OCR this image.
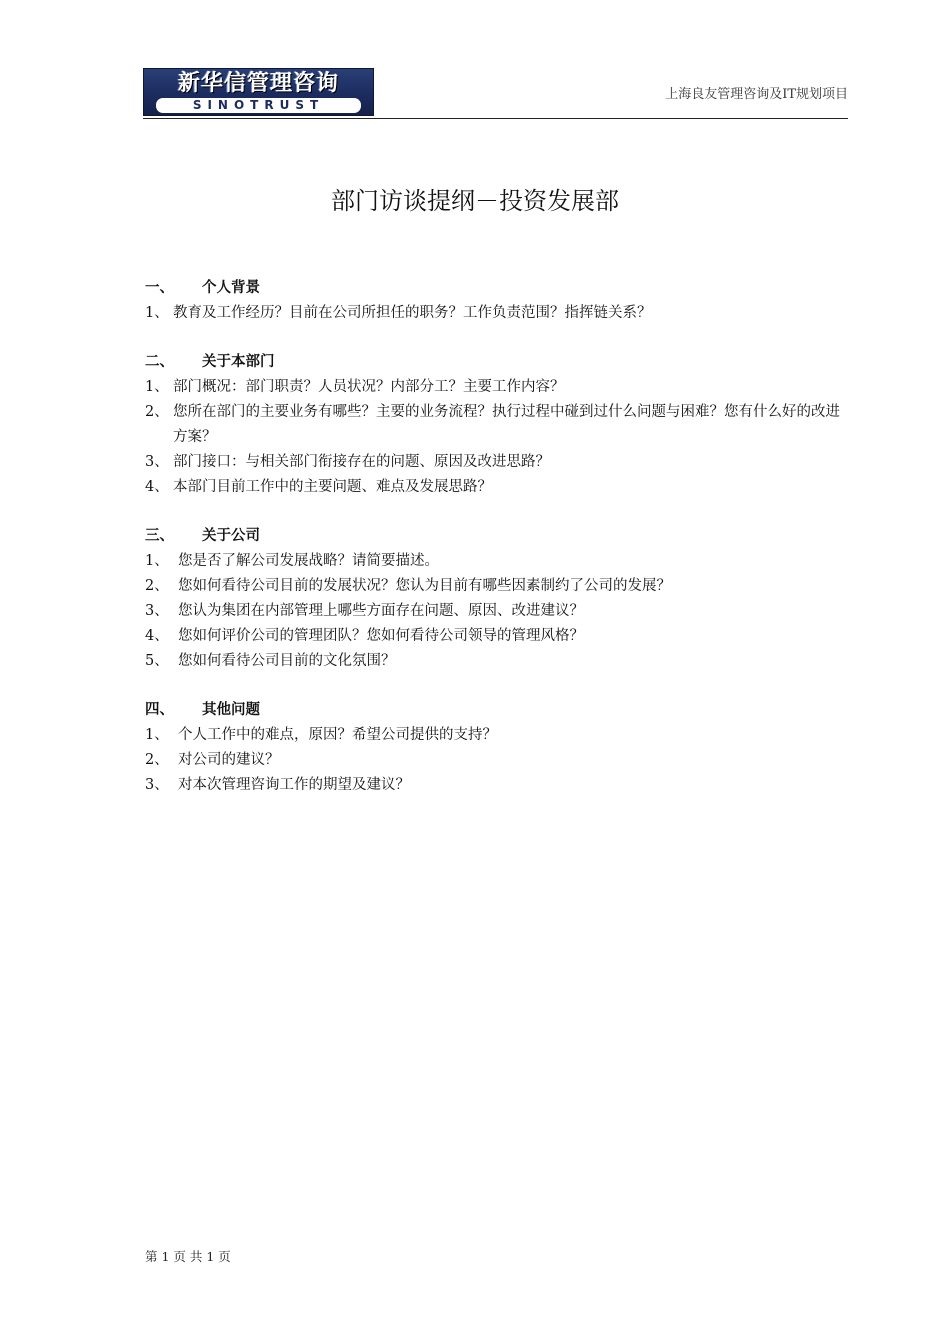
新华信管理咨询
SINOTRUST
上海良友管理咨询及IT规划项目
部门访谈提纲－投资发展部
一、 个人背景
1、 教育及工作经历？目前在公司所担任的职务？工作负责范围？指挥链关系？
二、 关于本部门
1、 部门概况：部门职责？人员状况？内部分工？主要工作内容？
2、 您所在部门的主要业务有哪些？主要的业务流程？执行过程中碰到过什么问题与困难？您有什么好的改进方案？
3、 部门接口：与相关部门衔接存在的问题、原因及改进思路？
4、 本部门目前工作中的主要问题、难点及发展思路？
三、 关于公司
1、 您是否了解公司发展战略？请简要描述。
2、 您如何看待公司目前的发展状况？您认为目前有哪些因素制约了公司的发展？
3、 您认为集团在内部管理上哪些方面存在问题、原因、改进建议？
4、 您如何评价公司的管理团队？您如何看待公司领导的管理风格？
5、 您如何看待公司目前的文化氛围？
四、 其他问题
1、 个人工作中的难点，原因？希望公司提供的支持？
2、 对公司的建议？
3、 对本次管理咨询工作的期望及建议？
第 1 页 共 1 页
